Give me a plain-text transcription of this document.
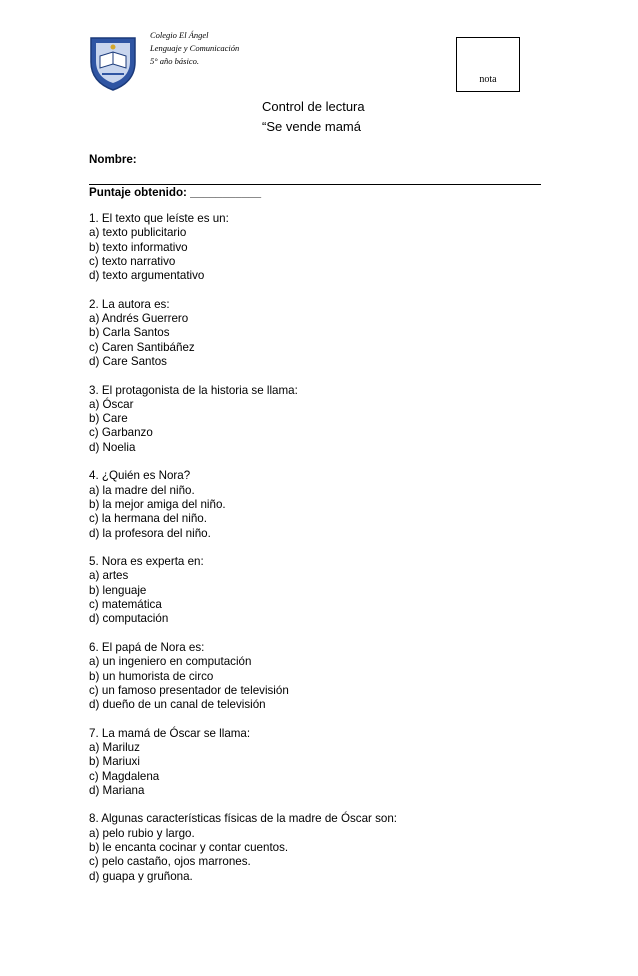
Colegio El Ángel
Lenguaje y Comunicación
5° año básico.
nota
Control de lectura
“Se vende mamá
Nombre:
Puntaje obtenido: ___________
1. El texto que leíste es un:
a) texto publicitario
b) texto informativo
c) texto narrativo
d) texto argumentativo
2. La autora es:
a) Andrés Guerrero
b) Carla Santos
c) Caren Santibáñez
d) Care Santos
3. El protagonista de la historia se llama:
a) Óscar
b) Care
c) Garbanzo
d) Noelia
4. ¿Quién es Nora?
a) la madre del niño.
b) la mejor amiga del niño.
c) la hermana del niño.
d) la profesora del niño.
5. Nora es experta en:
a) artes
b) lenguaje
c) matemática
d) computación
6. El papá de Nora es:
a) un ingeniero en computación
b) un humorista de circo
c) un famoso presentador de televisión
d) dueño de un canal de televisión
7. La mamá de Óscar se llama:
a) Mariluz
b) Mariuxi
c) Magdalena
d) Mariana
8. Algunas características físicas de la madre de Óscar son:
a) pelo rubio y largo.
b) le encanta cocinar y contar cuentos.
c) pelo castaño, ojos marrones.
d) guapa y gruñona.
